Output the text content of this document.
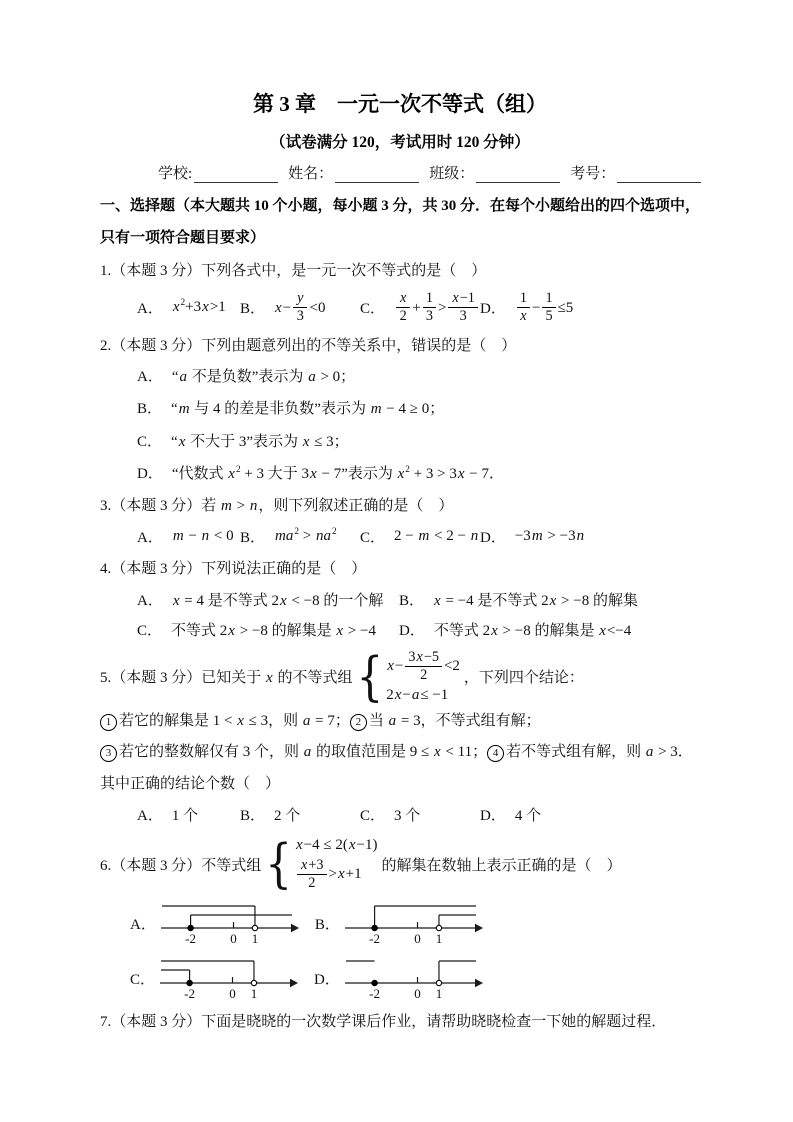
第 3 章　一元一次不等式（组）
（试卷满分 120，考试用时 120 分钟）
学校:	姓名：	班级：	考号：
一、选择题（本大题共 10 个小题，每小题 3 分，共 30 分．在每个小题给出的四个选项中，只有一项符合题目要求）
1.（本题 3 分）下列各式中，是一元一次不等式的是（　）
A． $x^2+3x>1$ B． $x- \frac{y}{3} <0$ C． $\frac{x}{2} + \frac{1}{3} > \frac{x-1}{3}$ D． $\frac{1}{x} - \frac{1}{5} \le 5$
2.（本题 3 分）下列由题意列出的不等关系中，错误的是（　）
A． “a 不是负数”表示为 a > 0；
B． “m 与 4 的差是非负数”表示为 m − 4 ≥ 0；
C． “x 不大于 3”表示为 x ≤ 3；
D． “代数式 $x^2 + 3$ 大于 3x − 7”表示为 $x^2 + 3 > 3x - 7$．
3.（本题 3 分）若 m > n，则下列叙述正确的是（　）
A． m − n < 0 B． $ma^2 > na^2$ C． 2 − m < 2 − n D． −3m > −3n
4.（本题 3 分）下列说法正确的是（　）
A． x = 4 是不等式 2x < −8 的一个解 B． x = −4 是不等式 2x > −8 的解集
C． 不等式 2x > −8 的解集是 x > −4 D． 不等式 2x > −8 的解集是 x<−4
5.（本题 3 分）已知关于 x 的不等式组 { $x - \frac{3x-5}{2} <2$
2 x − a ≤ −1
，下列四个结论：
1 若它的解集是 1 < x ≤ 3，则 a = 7； 2 当 a = 3，不等式组有解；
3 若它的整数解仅有 3 个，则 a 的取值范围是 9 ≤ x < 11； 4 若不等式组有解，则 a > 3．
其中正确的结论个数（　）
A． 1 个	B． 2 个	C． 3 个	D． 4 个
6.（本题 3 分）不等式组 { x −4 ≤ 2( x −1)
$\frac{x+3}{2} > x +1$
的解集在数轴上表示正确的是（　）
A．
-2	0 1
B．
-2	0 1
C．
-2	0 1
D．
-2	0 1
7.（本题 3 分）下面是晓晓的一次数学课后作业，请帮助晓晓检查一下她的解题过程．
